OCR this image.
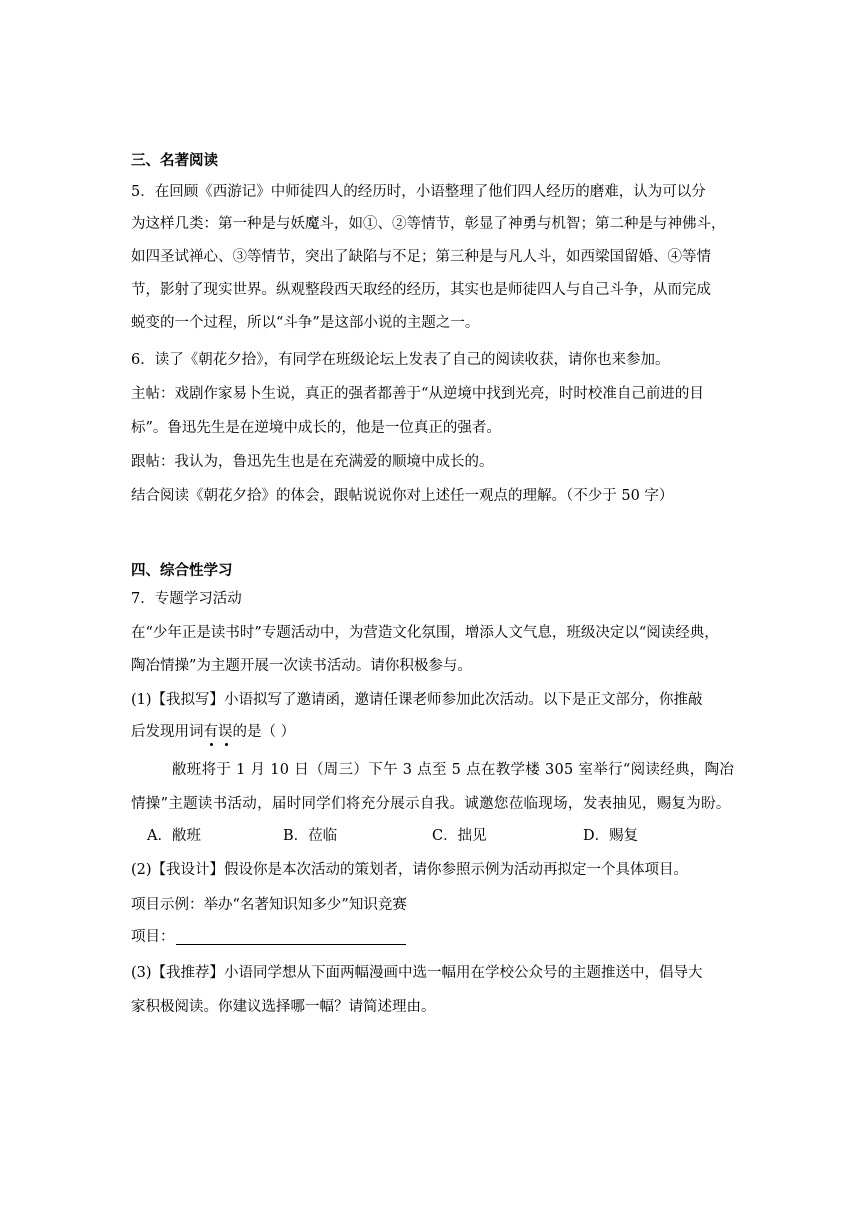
三、名著阅读
5．在回顾《西游记》中师徒四人的经历时，小语整理了他们四人经历的磨难，认为可以分
为这样几类：第一种是与妖魔斗，如①、②等情节，彰显了神勇与机智；第二种是与神佛斗，
如四圣试禅心、③等情节，突出了缺陷与不足；第三种是与凡人斗，如西梁国留婚、④等情
节，影射了现实世界。纵观整段西天取经的经历，其实也是师徒四人与自己斗争，从而完成
蜕变的一个过程，所以“斗争”是这部小说的主题之一。
6．读了《朝花夕拾》，有同学在班级论坛上发表了自己的阅读收获，请你也来参加。
主帖：戏剧作家易卜生说，真正的强者都善于“从逆境中找到光亮，时时校准自己前进的目
标”。鲁迅先生是在逆境中成长的，他是一位真正的强者。
跟帖：我认为，鲁迅先生也是在充满爱的顺境中成长的。
结合阅读《朝花夕拾》的体会，跟帖说说你对上述任一观点的理解。（不少于 50 字）
四、综合性学习
7．专题学习活动
在“少年正是读书时”专题活动中，为营造文化氛围，增添人文气息，班级决定以“阅读经典，
陶冶情操”为主题开展一次读书活动。请你积极参与。
(1)【我拟写】小语拟写了邀请函，邀请任课老师参加此次活动。以下是正文部分，你推敲
后发现用词有误
的是（ ）
敝班将于 1 月 10 日（周三）下午 3 点至 5 点在教学楼 305 室举行“阅读经典，陶冶
情操”主题读书活动，届时同学们将充分展示自我。诚邀您莅临现场，发表抽见，赐复为盼。
A．敝班	B．莅临	C．拙见	D．赐复
(2)【我设计】假设你是本次活动的策划者，请你参照示例为活动再拟定一个具体项目。
项目示例：举办“名著知识知多少”知识竞赛
项目：
(3)【我推荐】小语同学想从下面两幅漫画中选一幅用在学校公众号的主题推送中，倡导大
家积极阅读。你建议选择哪一幅？请简述理由。
